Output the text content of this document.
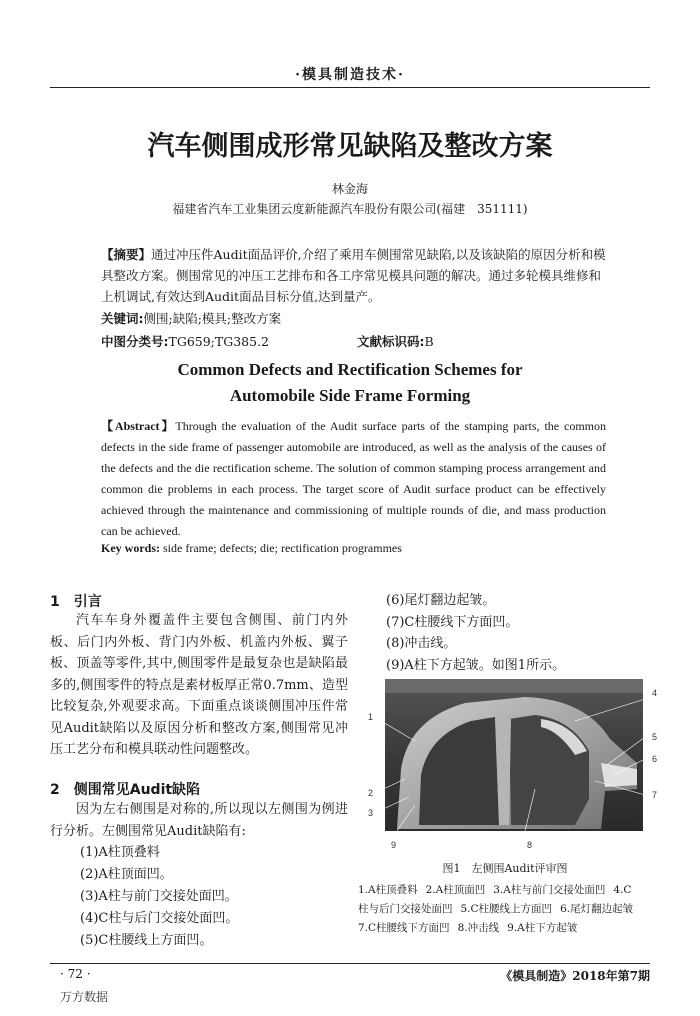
·模具制造技术·
汽车侧围成形常见缺陷及整改方案
林金海
福建省汽车工业集团云度新能源汽车股份有限公司(福建　351111)
【摘要】通过冲压件Audit面品评价,介绍了乘用车侧围常见缺陷,以及该缺陷的原因分析和模具整改方案。侧围常见的冲压工艺排布和各工序常见模具问题的解决。通过多轮模具维修和上机调试,有效达到Audit面品目标分值,达到量产。
关键词:侧围;缺陷;模具;整改方案
中图分类号:TG659;TG385.2	文献标识码:B
Common Defects and Rectification Schemes for
Automobile Side Frame Forming
【Abstract】Through the evaluation of the Audit surface parts of the stamping parts, the common defects in the side frame of passenger automobile are introduced, as well as the analysis of the causes of the defects and the die rectification scheme. The solution of common stamping process arrangement and common die problems in each process. The target score of Audit surface product can be effectively achieved through the maintenance and commissioning of multiple rounds of die, and mass production can be achieved.
Key words: side frame; defects; die; rectification programmes
1　引言
汽车车身外覆盖件主要包含侧围、前门内外板、后门内外板、背门内外板、机盖内外板、翼子板、顶盖等零件,其中,侧围零件是最复杂也是缺陷最多的,侧围零件的特点是素材板厚正常0.7mm、造型比较复杂,外观要求高。下面重点谈谈侧围冲压件常见Audit缺陷以及原因分析和整改方案,侧围常见冲压工艺分布和模具联动性问题整改。
2　侧围常见Audit缺陷
因为左右侧围是对称的,所以现以左侧围为例进行分析。左侧围常见Audit缺陷有:
(1)A柱顶叠料
(2)A柱顶面凹。
(3)A柱与前门交接处面凹。
(4)C柱与后门交接处面凹。
(5)C柱腰线上方面凹。
(6)尾灯翻边起皱。
(7)C柱腰线下方面凹。
(8)冲击线。
(9)A柱下方起皱。如图1所示。
1
2
3
4
5
6
7
8
9
图1　左侧围Audit评审图
1.A柱顶叠料 2.A柱顶面凹 3.A柱与前门交接处面凹 4.C
柱与后门交接处面凹 5.C柱腰线上方面凹 6.尾灯翻边起皱
7.C柱腰线下方面凹 8.冲击线 9.A柱下方起皱
· 72 ·	《模具制造》2018年第7期
万方数据
